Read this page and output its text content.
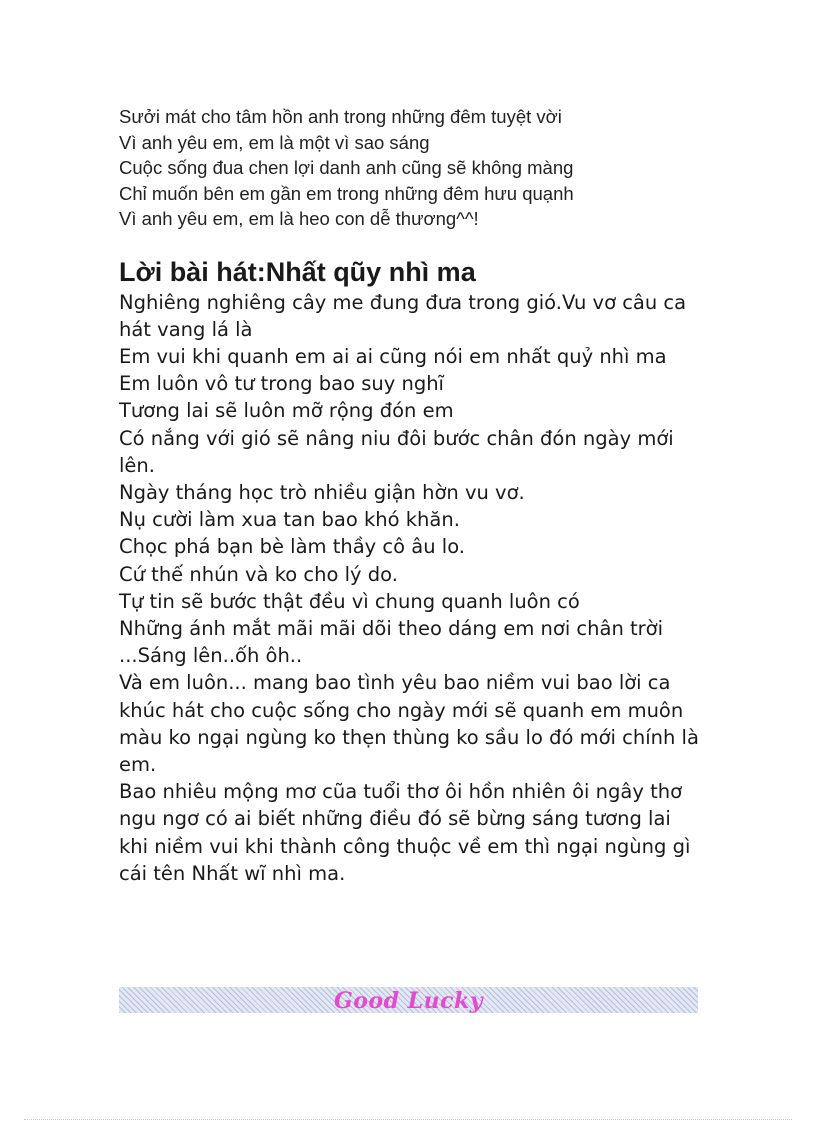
Sưởi mát cho tâm hồn anh trong những đêm tuyệt vời
Vì anh yêu em, em là một vì sao sáng
Cuộc sống đua chen lợi danh anh cũng sẽ không màng
Chỉ muốn bên em gần em trong những đêm hưu quạnh
Vì anh yêu em, em là heo con dễ thương^^!
Lời bài hát:Nhất qũy nhì ma
Nghiêng nghiêng cây me đung đưa trong gió.Vu vơ câu ca hát vang lá là
Em vui khi quanh em ai ai cũng nói em nhất quỷ nhì ma
Em luôn vô tư trong bao suy nghĩ
Tương lai sẽ luôn mỡ rộng đón em
Có nắng với gió sẽ nâng niu đôi bước chân đón ngày mới lên.
Ngày tháng học trò nhiều giận hờn vu vơ.
Nụ cười làm xua tan bao khó khăn.
Chọc phá bạn bè làm thầy cô âu lo.
Cứ thế nhún và ko cho lý do.
Tự tin sẽ bước thật đều vì chung quanh luôn có
Những ánh mắt mãi mãi dõi theo dáng em nơi chân trời
...Sáng lên..ốh ôh..
Và em luôn... mang bao tình yêu bao niềm vui bao lời ca khúc hát cho cuộc sống cho ngày mới sẽ quanh em muôn màu ko ngại ngùng ko thẹn thùng ko sầu lo đó mới chính là em.
Bao nhiêu mộng mơ cũa tuổi thơ ôi hồn nhiên ôi ngây thơ ngu ngơ có ai biết những điều đó sẽ bừng sáng tương lai khi niềm vui khi thành công thuộc về em thì ngại ngùng gì cái tên Nhất wĩ nhì ma.
Good Lucky
